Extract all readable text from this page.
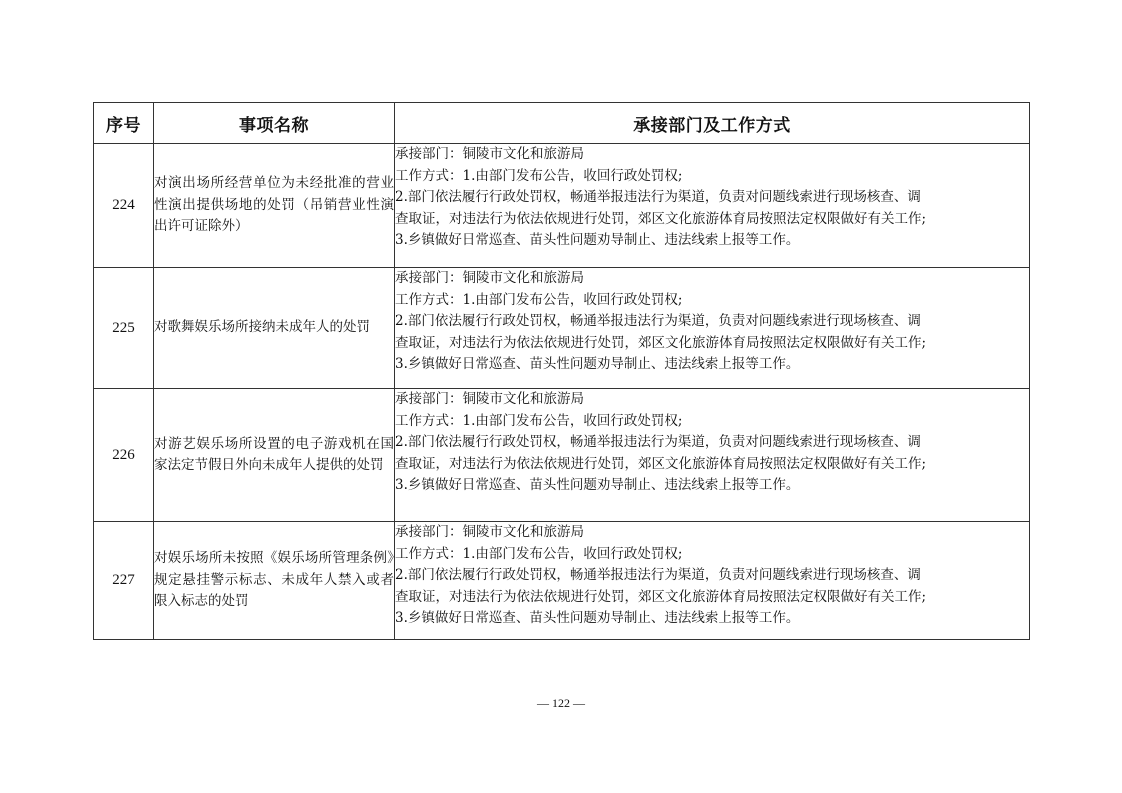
序号	事项名称	承接部门及工作方式
224	对演出场所经营单位为未经批准的营业性演出提供场地的处罚（吊销营业性演出许可证除外）	承接部门：铜陵市文化和旅游局
工作方式：1.由部门发布公告，收回行政处罚权;
2.部门依法履行行政处罚权，畅通举报违法行为渠道，负责对问题线索进行现场核查、调
查取证，对违法行为依法依规进行处罚，郊区文化旅游体育局按照法定权限做好有关工作;
3.乡镇做好日常巡查、苗头性问题劝导制止、违法线索上报等工作。

225	对歌舞娱乐场所接纳未成年人的处罚	承接部门：铜陵市文化和旅游局
工作方式：1.由部门发布公告，收回行政处罚权;
2.部门依法履行行政处罚权，畅通举报违法行为渠道，负责对问题线索进行现场核查、调
查取证，对违法行为依法依规进行处罚，郊区文化旅游体育局按照法定权限做好有关工作;
3.乡镇做好日常巡查、苗头性问题劝导制止、违法线索上报等工作。

226	对游艺娱乐场所设置的电子游戏机在国家法定节假日外向未成年人提供的处罚	承接部门：铜陵市文化和旅游局
工作方式：1.由部门发布公告，收回行政处罚权;
2.部门依法履行行政处罚权，畅通举报违法行为渠道，负责对问题线索进行现场核查、调
查取证，对违法行为依法依规进行处罚，郊区文化旅游体育局按照法定权限做好有关工作;
3.乡镇做好日常巡查、苗头性问题劝导制止、违法线索上报等工作。

227	对娱乐场所未按照《娱乐场所管理条例》规定悬挂警示标志、未成年人禁入或者限入标志的处罚	承接部门：铜陵市文化和旅游局
工作方式：1.由部门发布公告，收回行政处罚权;
2.部门依法履行行政处罚权，畅通举报违法行为渠道，负责对问题线索进行现场核查、调
查取证，对违法行为依法依规进行处罚，郊区文化旅游体育局按照法定权限做好有关工作;
3.乡镇做好日常巡查、苗头性问题劝导制止、违法线索上报等工作。
— 122 —
